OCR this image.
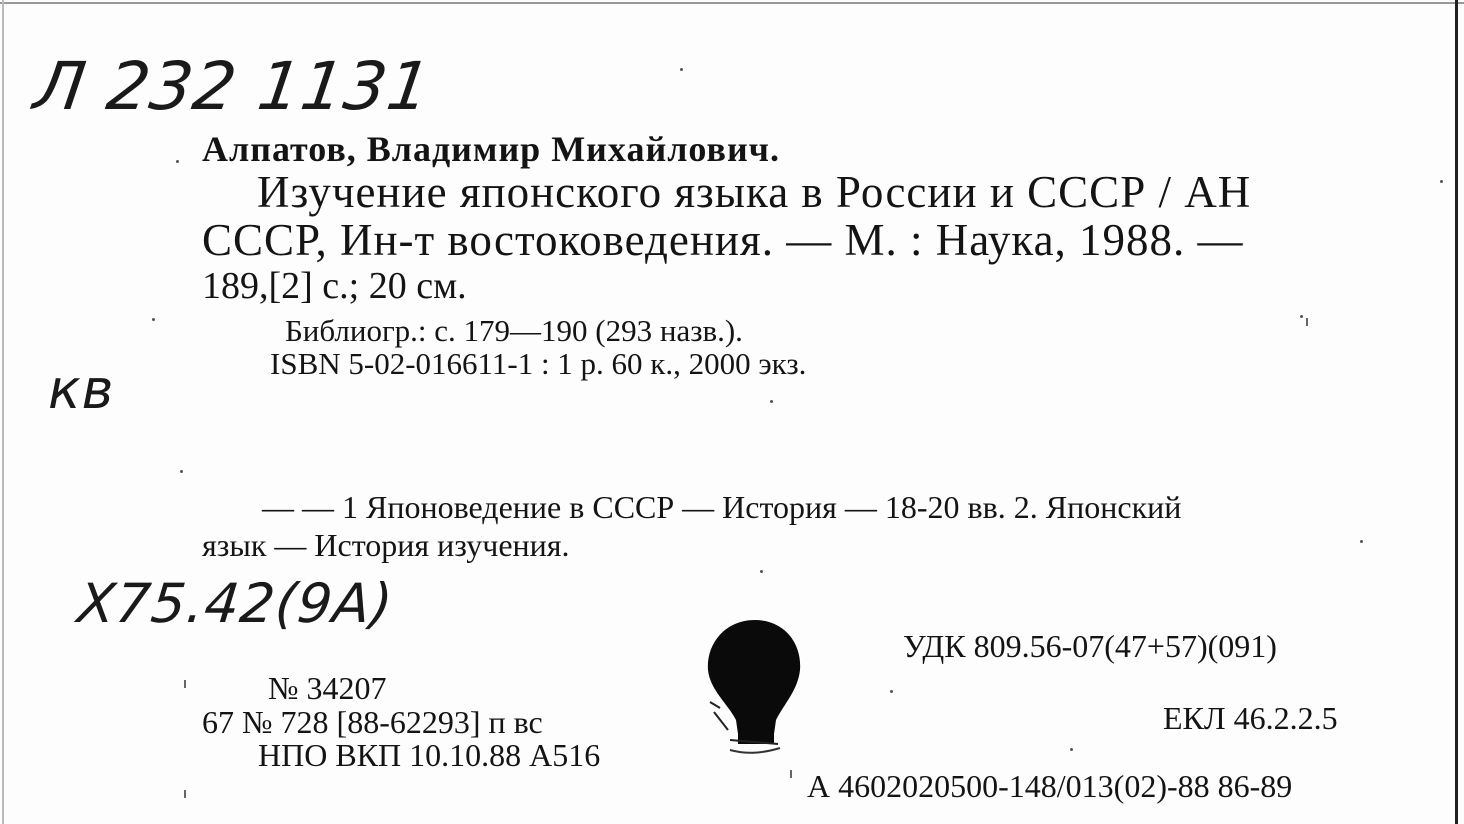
Л 232 1131
кв
Х75.42(9А)
Алпатов, Владимир Михайлович.
Изучение японского языка в России и СССР / АН
СССР, Ин-т востоковедения. — М. : Наука, 1988. —
189,[2] с.; 20 см.
Библиогр.: с. 179—190 (293 назв.).
ISBN 5-02-016611-1 : 1 р. 60 к., 2000 экз.
— — 1 Японоведение в СССР — История — 18-20 вв. 2. Японский
язык — История изучения.
УДК 809.56-07(47+57)(091)
ЕКЛ 46.2.2.5
А 4602020500-148/013(02)-88 86-89
№ 34207
67 № 728 [88-62293] п вс
НПО ВКП 10.10.88 А516
